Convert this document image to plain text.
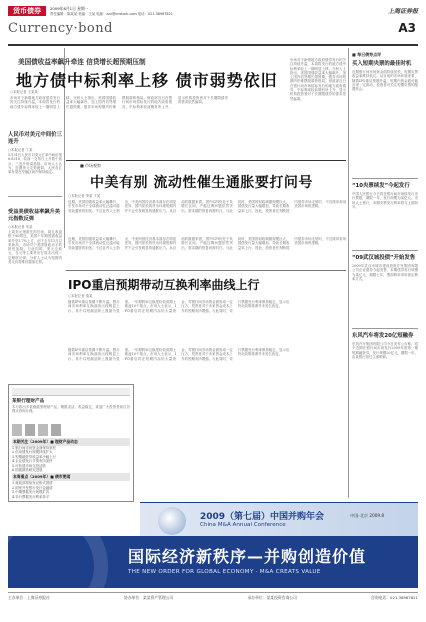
货币债券	2009年6月1日 星期一
责任编辑：陈某某 美编：王某 电邮：zzx@cnstock.com 电话：021-38967821	上海证券报
Currency·bond	A3
人民币对美元中间价三连升
○本报记者 丁某
5月31日人民币对美元汇率中间价报6.8316，较前一交易日上升数个基点，三连升格局延续。市场人士认为，近期美元走势疲弱，人民币汇率有望在窄幅区间内保持稳定。
受益美债收益率飙升美元指数反弹
○本报记者 朱某
上周美元指数先抑后扬，周五收盘报于80附近。美国十年期国债收益率升至3.7%上方，创下去年11月以来新高，市场对于美国财政赤字的担忧加剧。与此同时，美元兑欧元、日元等主要货币在周末出现一定程度反弹，分析人士认为短期内美元仍将维持震荡走势。
美国债收益率飙升牵连 信贷增长超预期压制
地方债中标利率上移 债市弱势依旧
○本报记者 王某某
市场对于新增地方政府债券发行的关注持续升温，本周将发行的地方债中标利率较上一期明显上移。分析人士指出，美国国债收益率大幅飙升，加上国内信贷增长超预期，债券市场短期内仍难摆脱弱势格局。财政部近日在银行间市场招标发行的地方政府债券，中标利率较前期有所上升，显示机构投资者对于长期限债券的需求依然偏弱。
市场对于新增地方政府债券发行的关注持续升温，本周将发行的地方债中标利率较上一期明显上移。分析人士指出，美国国债收益率大幅飙升，加上国内信贷增长超预期，债券市场短期内仍难摆脱弱势格局。财政部近日在银行间市场招标发行的地方政府债券，中标利率较前期有所上升，显示机构投资者对于长期限债券的需求依然偏弱。
■ 每日债券点评
买入短期央票的最佳时机
近期银行间市场资金面持续宽松，短期央票收益率维持低位。从目前的市场环境来看，随着IPO重启预期升温，短期内资金面可能出现一定波动，投资者可关注短期央票的配置机会。
“10央票续发”今起发行
中国人民银行今日将在银行间市场续发行央行票据，期限一年，发行规模为某亿元。市场人士预计，本期央票发行利率将与上期持平。
“09武汉城投债”开始发售
2009年武汉市城市建设投资开发集团有限公司企业债券今起发售，本期债券发行规模为某亿元，期限七年，票面利率采用固定利率方式。
东风汽车将发20亿短融券
东风汽车集团有限公司今日发布公告称，将于近期在银行间市场发行2009年度第一期短期融资券，发行规模20亿元，期限一年，由某银行担任主承销商。
■ 市场观察
中美有别 流动性催生通胀要打问号
○本报记者 李某 于某
近期，美国国债收益率大幅攀升，引发市场对于全球流动性泛滥可能导致通胀的担忧。不过业内人士指出，中美两国经济基本面存在明显差异，国内宽松的货币环境短期内并不会引发明显的通胀压力。从目前的数据来看，国内CPI仍处于负增长区间，产能过剩问题依然突出，需求端的恢复尚需时日。与此同时，美国的财政刺激规模巨大，国债发行量大幅增加，导致长期收益率上行。因此，投资者在判断国内债券市场走势时，不宜简单套用美国市场的逻辑。
近期，美国国债收益率大幅攀升，引发市场对于全球流动性泛滥可能导致通胀的担忧。不过业内人士指出，中美两国经济基本面存在明显差异，国内宽松的货币环境短期内并不会引发明显的通胀压力。从目前的数据来看，国内CPI仍处于负增长区间，产能过剩问题依然突出，需求端的恢复尚需时日。与此同时，美国的财政刺激规模巨大，国债发行量大幅增加，导致长期收益率上行。因此，投资者在判断国内债券市场走势时，不宜简单套用美国市场的逻辑。
IPO重启预期带动互换利率曲线上行
○本报记者 秦某
随着IPO重启预期不断升温，银行间市场利率互换曲线出现明显上行，其中以短端品种上涨最为显著。一年期利率互换报价较前期上涨逾10个基点，市场人士表示，IPO重启将在短期内冻结大量资金，对银行间市场资金面形成一定压力，投资者对于未来资金成本上升的预期有所增强。与此同时，央行票据发行利率保持稳定，显示出货币政策基调并未发生改变。
随着IPO重启预期不断升温，银行间市场利率互换曲线出现明显上行，其中以短端品种上涨最为显著。一年期利率互换报价较前期上涨逾10个基点，市场人士表示，IPO重启将在短期内冻结大量资金，对银行间市场资金面形成一定压力，投资者对于未来资金成本上升的预期有所增强。与此同时，央行票据发行利率保持稳定，显示出货币政策基调并未发生改变。
某银行理财产品
本行推出多款稳健型理财产品，期限灵活，收益稳定，欢迎广大投资者前往各网点咨询办理。
本期关注（2009年）■ 理财产品动态
1.银行间市场资金面保持宽松
2.信用债发行规模持续扩大
3.短期融资券收益率小幅上行
4.企业债发行节奏有所加快
5.可转债市场交投活跃
6.国债期货研究进展
本周看点（2009年）■ 债市要闻
1.财政部将续发记账式国债
2.国家开发银行发行金融债
3.中期票据发行规模扩容
4.央行票据发行利率持平
2009（第七届）中国并购年会
China M&A Annual Conference
中国·北京 2009.8
国际经济新秩序—并购创造价值
THE NEW ORDER FOR GLOBAL ECONOMY · M&A CREATS VALUE
主办单位：上海证券报社	协办单位：某某资产管理公司	承办单位：某某投资咨询公司	咨询电话：021-38967821
